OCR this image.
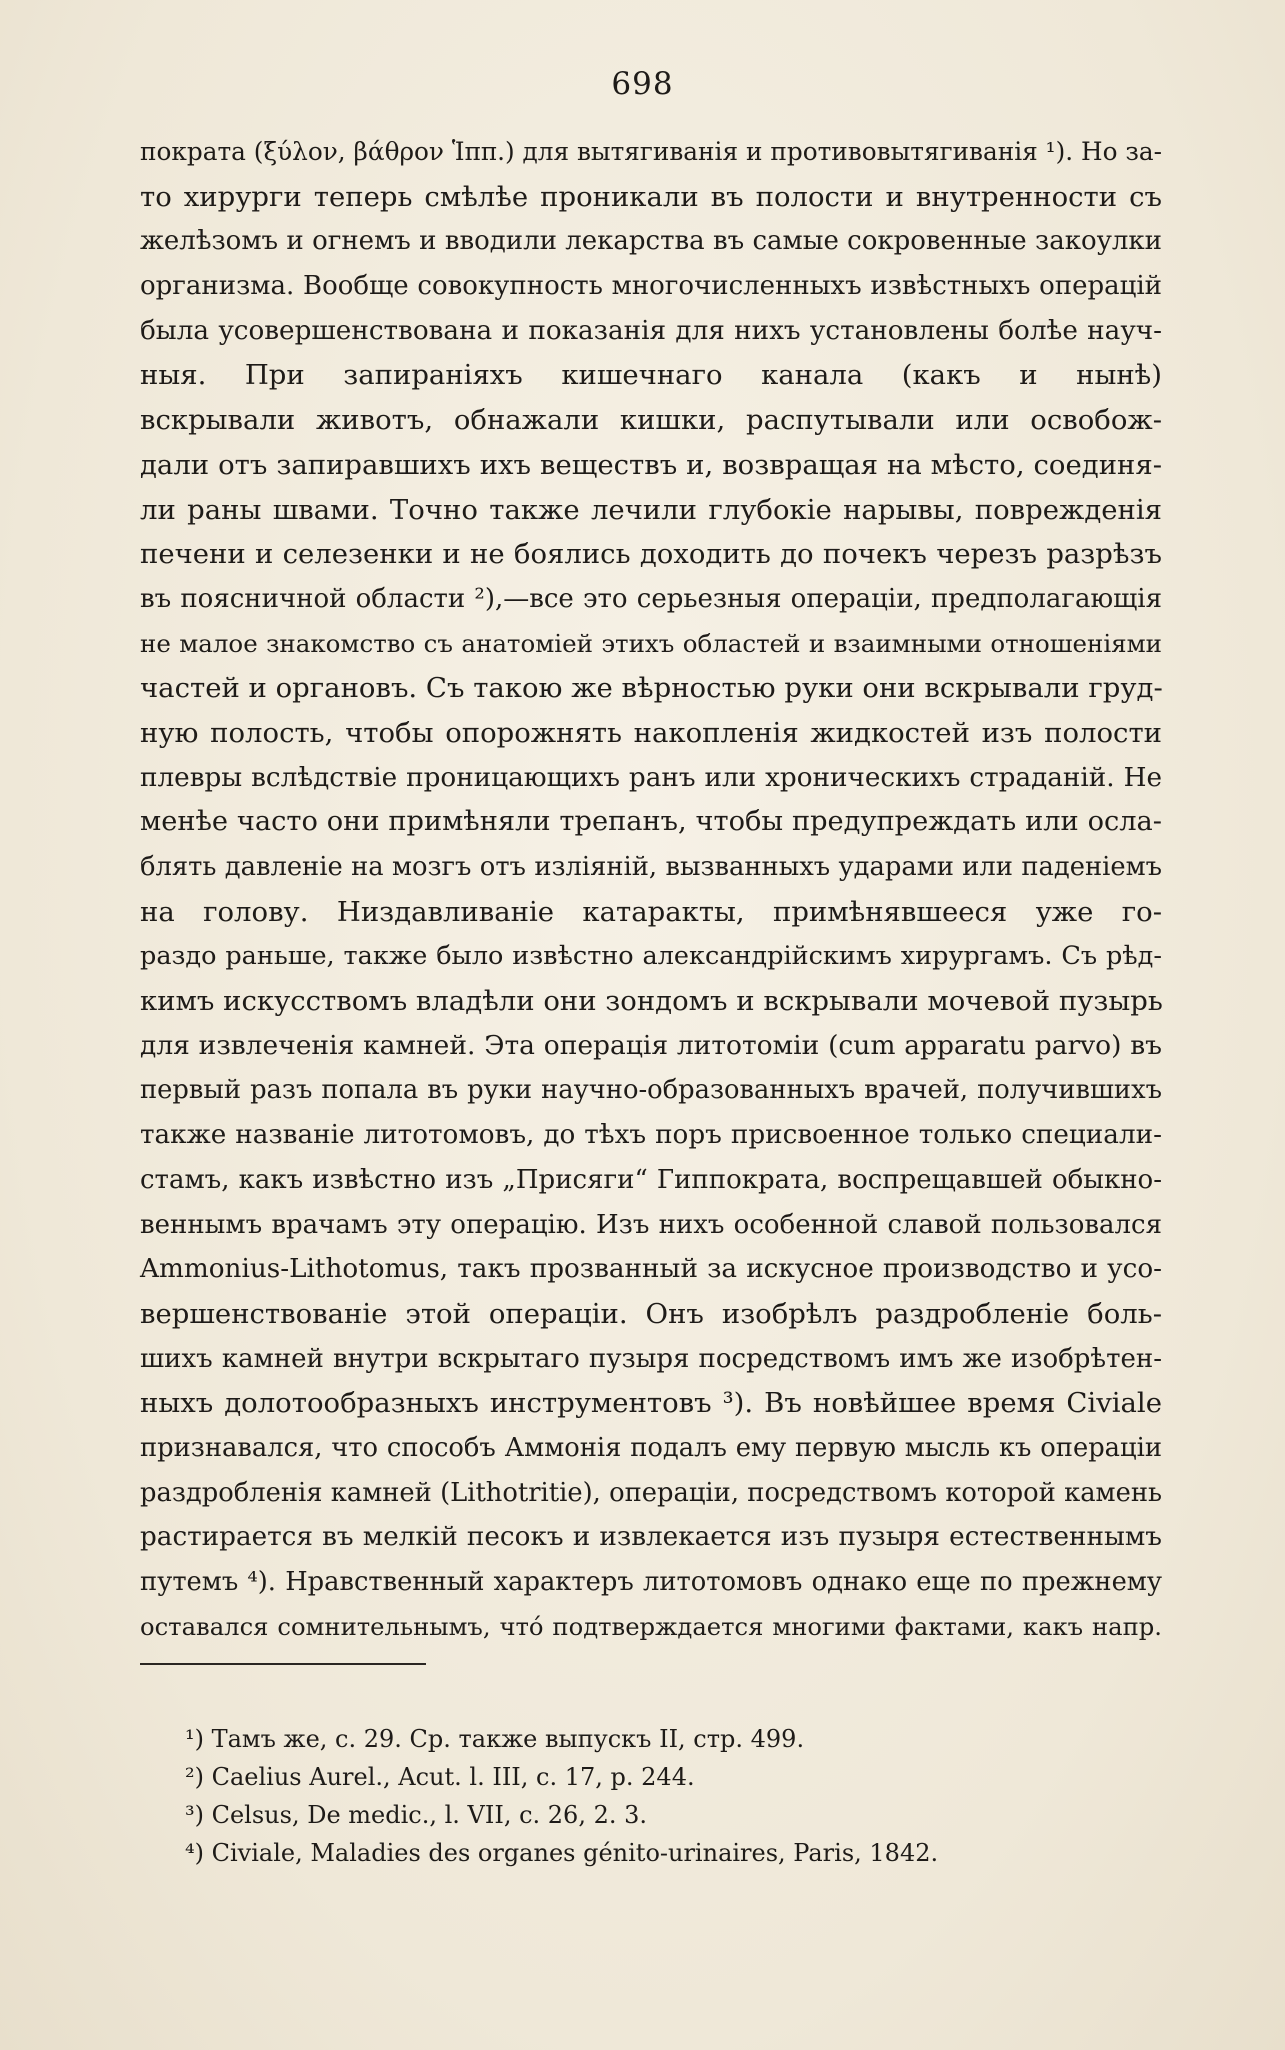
698
пократа (ξύλον, βάθρον Ἱππ.) для вытягиванія и противовытягиванія ¹). Но за-
то хирурги теперь смѣлѣе проникали въ полости и внутренности съ
желѣзомъ и огнемъ и вводили лекарства въ самые сокровенные закоулки
организма. Вообще совокупность многочисленныхъ извѣстныхъ операцій
была усовершенствована и показанія для нихъ установлены болѣе науч-
ныя. При запираніяхъ кишечнаго канала (какъ и нынѣ)
вскрывали животъ, обнажали кишки, распутывали или освобож-
дали отъ запиравшихъ ихъ веществъ и, возвращая на мѣсто, соединя-
ли раны швами. Точно также лечили глубокіе нарывы, поврежденія
печени и селезенки и не боялись доходить до почекъ черезъ разрѣзъ
въ поясничной области ²),—все это серьезныя операціи, предполагающія
не малое знакомство съ анатоміей этихъ областей и взаимными отношеніями
частей и органовъ. Съ такою же вѣрностью руки они вскрывали груд-
ную полость, чтобы опорожнять накопленія жидкостей изъ полости
плевры вслѣдствіе проницающихъ ранъ или хроническихъ страданій. Не
менѣе часто они примѣняли трепанъ, чтобы предупреждать или осла-
блять давленіе на мозгъ отъ изліяній, вызванныхъ ударами или паденіемъ
на голову. Низдавливаніе катаракты, примѣнявшееся уже го-
раздо раньше, также было извѣстно александрійскимъ хирургамъ. Съ рѣд-
кимъ искусствомъ владѣли они зондомъ и вскрывали мочевой пузырь
для извлеченія камней. Эта операція литотоміи (cum apparatu parvo) въ
первый разъ попала въ руки научно-образованныхъ врачей, получившихъ
также названіе литотомовъ, до тѣхъ поръ присвоенное только специали-
стамъ, какъ извѣстно изъ „Присяги“ Гиппократа, воспрещавшей обыкно-
веннымъ врачамъ эту операцію. Изъ нихъ особенной славой пользовался
Ammonius-Lithotomus, такъ прозванный за искусное производство и усо-
вершенствованіе этой операціи. Онъ изобрѣлъ раздробленіе боль-
шихъ камней внутри вскрытаго пузыря посредствомъ имъ же изобрѣтен-
ныхъ долотообразныхъ инструментовъ ³). Въ новѣйшее время Civiale
признавался, что способъ Аммонія подалъ ему первую мысль къ операціи
раздробленія камней (Lithotritie), операціи, посредствомъ которой камень
растирается въ мелкій песокъ и извлекается изъ пузыря естественнымъ
путемъ ⁴). Нравственный характеръ литотомовъ однако еще по прежнему
оставался сомнительнымъ, чтó подтверждается многими фактами, какъ напр.
¹) Тамъ же, с. 29. Ср. также выпускъ II, стр. 499.
²) Caelius Aurel., Acut. l. III, c. 17, p. 244.
³) Celsus, De medic., l. VII, c. 26, 2. 3.
⁴) Civiale, Maladies des organes génito-urinaires, Paris, 1842.
